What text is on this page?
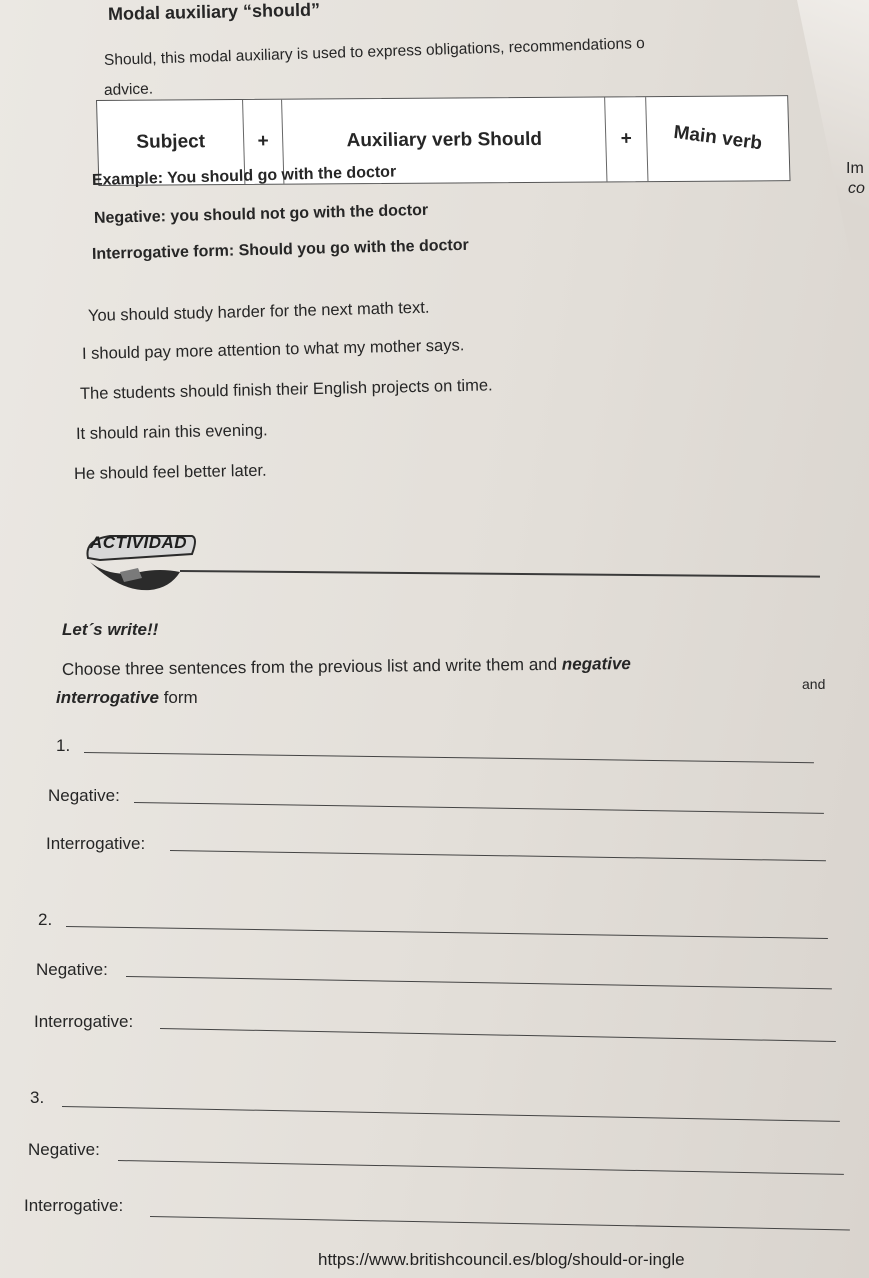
Modal auxiliary “should”
Should, this modal auxiliary is used to express obligations, recommendations o
advice.
Subject	+	Auxiliary verb Should	+	Main verb
Im
co
Example: You should go with the doctor
Negative: you should not go with the doctor
Interrogative form: Should you go with the doctor
You should study harder for the next math text.
I should pay more attention to what my mother says.
The students should finish their English projects on time.
It should rain this evening.
He should feel better later.
ACTIVIDAD
Let´s write!!
Choose three sentences from the previous list and write them and negative
and
interrogative form
1.
Negative:
Interrogative:
2.
Negative:
Interrogative:
3.
Negative:
Interrogative:
https://www.britishcouncil.es/blog/should-or-ingle
